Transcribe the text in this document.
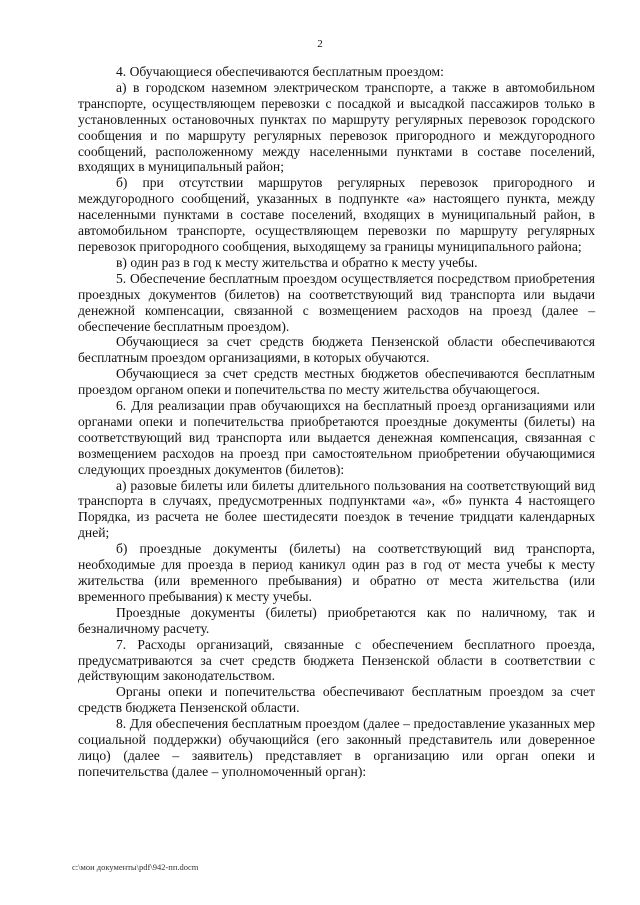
2

4. Обучающиеся обеспечиваются бесплатным проездом:

а) в городском наземном электрическом транспорте, а также в автомобильном транспорте, осуществляющем перевозки с посадкой и высадкой пассажиров только в установленных остановочных пунктах по маршруту регулярных перевозок городского сообщения и по маршруту регулярных перевозок пригородного и междугородного сообщений, расположенному между населенными пунктами в составе поселений, входящих в муниципальный район;

б) при отсутствии маршрутов регулярных перевозок пригородного и междугородного сообщений, указанных в подпункте «а» настоящего пункта, между населенными пунктами в составе поселений, входящих в муниципальный район, в автомобильном транспорте, осуществляющем перевозки по маршруту регулярных перевозок пригородного сообщения, выходящему за границы муниципального района;

в) один раз в год к месту жительства и обратно к месту учебы.

5. Обеспечение бесплатным проездом осуществляется посредством приобретения проездных документов (билетов) на соответствующий вид транспорта или выдачи денежной компенсации, связанной с возмещением расходов на проезд (далее – обеспечение бесплатным проездом).

Обучающиеся за счет средств бюджета Пензенской области обеспечиваются бесплатным проездом организациями, в которых обучаются.

Обучающиеся за счет средств местных бюджетов обеспечиваются бесплатным проездом органом опеки и попечительства по месту жительства обучающегося.

6. Для реализации прав обучающихся на бесплатный проезд организациями или органами опеки и попечительства приобретаются проездные документы (билеты) на соответствующий вид транспорта или выдается денежная компенсация, связанная с возмещением расходов на проезд при самостоятельном приобретении обучающимися следующих проездных документов (билетов):

а) разовые билеты или билеты длительного пользования на соответствующий вид транспорта в случаях, предусмотренных подпунктами «а», «б» пункта 4 настоящего Порядка, из расчета не более шестидесяти поездок в течение тридцати календарных дней;

б) проездные документы (билеты) на соответствующий вид транспорта, необходимые для проезда в период каникул один раз в год от места учебы к месту жительства (или временного пребывания) и обратно от места жительства (или временного пребывания) к месту учебы.

Проездные документы (билеты) приобретаются как по наличному, так и безналичному расчету.

7. Расходы организаций, связанные с обеспечением бесплатного проезда, предусматриваются за счет средств бюджета Пензенской области в соответствии с действующим законодательством.

Органы опеки и попечительства обеспечивают бесплатным проездом за счет средств бюджета Пензенской области.

8. Для обеспечения бесплатным проездом (далее – предоставление указанных мер социальной поддержки) обучающийся (его законный представитель или доверенное лицо) (далее – заявитель) представляет в организацию или орган опеки и попечительства (далее – уполномоченный орган):

c:\мои документы\pdf\942-пп.docm
